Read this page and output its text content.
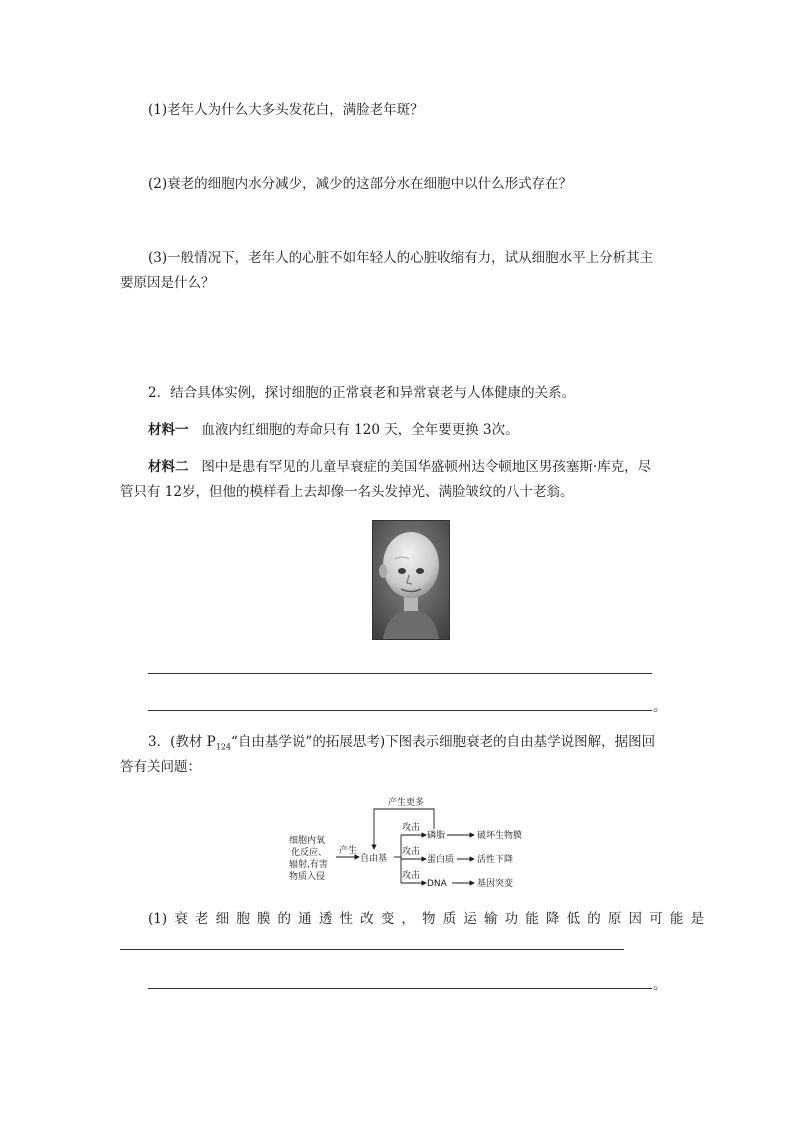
(1)老年人为什么大多头发花白，满脸老年斑？
(2)衰老的细胞内水分减少，减少的这部分水在细胞中以什么形式存在？
(3)一般情况下，老年人的心脏不如年轻人的心脏收缩有力，试从细胞水平上分析其主
要原因是什么？
2．结合具体实例，探讨细胞的正常衰老和异常衰老与人体健康的关系。
材料一 血液内红细胞的寿命只有 120 天，全年要更换 3次。
材料二 图中是患有罕见的儿童早衰症的美国华盛顿州达令顿地区男孩塞斯·库克，尽
管只有 12岁，但他的模样看上去却像一名头发掉光、满脸皱纹的八十老翁。
。
3．(教材 $P_{124}“$自由基学说”的拓展思考)下图表示细胞衰老的自由基学说图解，据图回
答有关问题：
细胞内氧
化反应、
辐射,有害
物质入侵
产生
自由基
攻击
攻击
攻击
磷脂
蛋白质
DNA
破坏生物膜
活性下降
基因突变
产生更多
(1)衰老细胞膜的通透性改变，物质运输功能降低的原因可能是
。
